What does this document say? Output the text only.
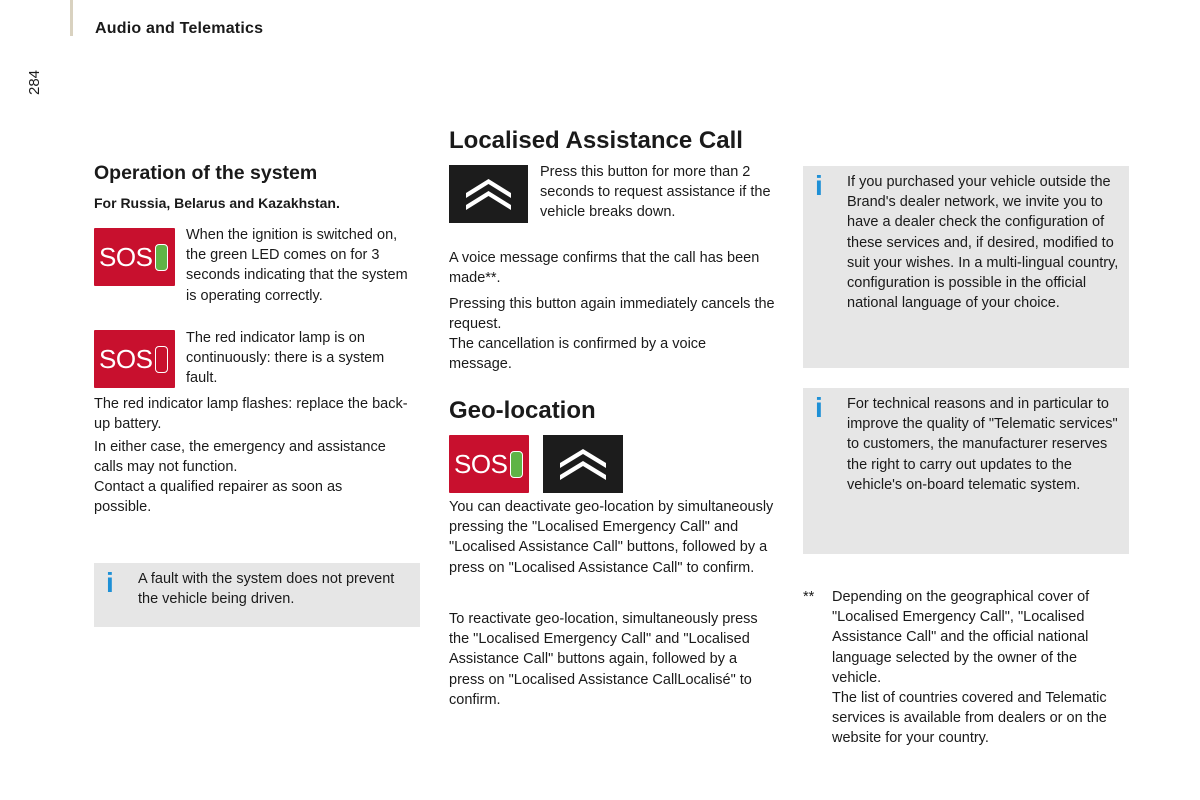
Audio and Telematics
284
Operation of the system
For Russia, Belarus and Kazakhstan.
SOS
When the ignition is switched on, the green LED comes on for 3 seconds indicating that the system is operating correctly.
SOS
The red indicator lamp is on continuously: there is a system fault.
The red indicator lamp flashes: replace the back-up battery.
In either case, the emergency and assistance calls may not function.
Contact a qualified repairer as soon as possible.
i	A fault with the system does not prevent the vehicle being driven.
Localised Assistance Call
Press this button for more than 2 seconds to request assistance if the vehicle breaks down.
A voice message confirms that the call has been made**.
Pressing this button again immediately cancels the request.
The cancellation is confirmed by a voice message.
Geo-location
SOS
You can deactivate geo-location by simultaneously pressing the "Localised Emergency Call" and "Localised Assistance Call" buttons, followed by a press on "Localised Assistance Call" to confirm.
To reactivate geo-location, simultaneously press the "Localised Emergency Call" and "Localised Assistance Call" buttons again, followed by a press on "Localised Assistance CallLocalisé" to confirm.
i	If you purchased your vehicle outside the Brand's dealer network, we invite you to have a dealer check the configuration of these services and, if desired, modified to suit your wishes. In a multi-lingual country, configuration is possible in the official national language of your choice.
i	For technical reasons and in particular to improve the quality of "Telematic services" to customers, the manufacturer reserves the right to carry out updates to the vehicle's on-board telematic system.
** Depending on the geographical cover of "Localised Emergency Call", "Localised Assistance Call" and the official national language selected by the owner of the vehicle.
The list of countries covered and Telematic services is available from dealers or on the website for your country.
